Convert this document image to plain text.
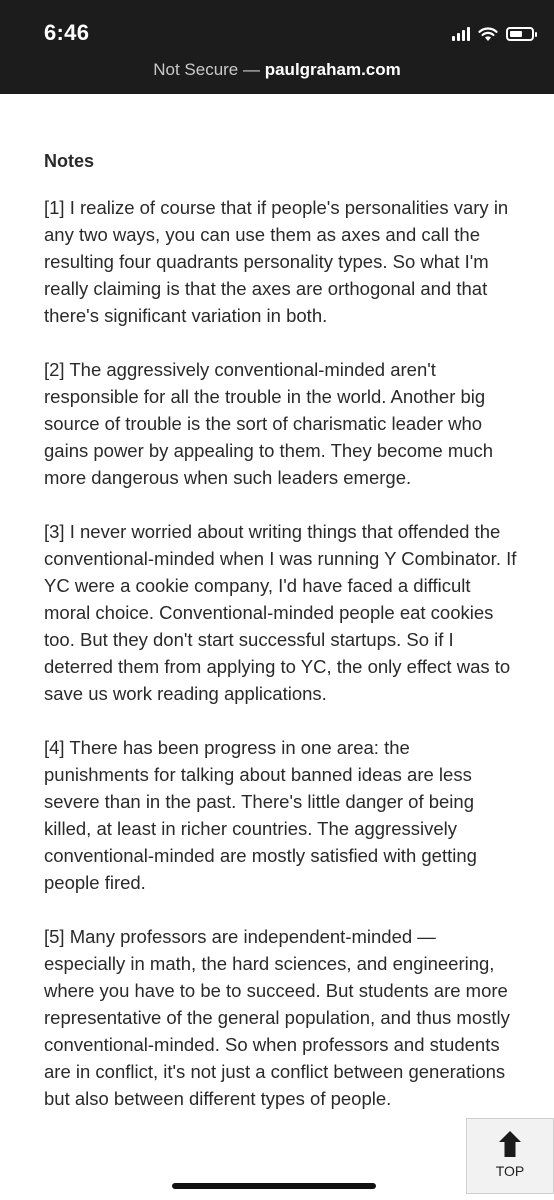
6:46
Not Secure — paulgraham.com
Notes

[1] I realize of course that if people's personalities vary in any two ways, you can use them as axes and call the resulting four quadrants personality types. So what I'm really claiming is that the axes are orthogonal and that there's significant variation in both.

[2] The aggressively conventional-minded aren't responsible for all the trouble in the world. Another big source of trouble is the sort of charismatic leader who gains power by appealing to them. They become much more dangerous when such leaders emerge.

[3] I never worried about writing things that offended the conventional-minded when I was running Y Combinator. If YC were a cookie company, I'd have faced a difficult moral choice. Conventional-minded people eat cookies too. But they don't start successful startups. So if I deterred them from applying to YC, the only effect was to save us work reading applications.

[4] There has been progress in one area: the punishments for talking about banned ideas are less severe than in the past. There's little danger of being killed, at least in richer countries. The aggressively conventional-minded are mostly satisfied with getting people fired.

[5] Many professors are independent-minded — especially in math, the hard sciences, and engineering, where you have to be to succeed. But students are more representative of the general population, and thus mostly conventional-minded. So when professors and students are in conflict, it's not just a conflict between generations but also between different types of people.

TOP
